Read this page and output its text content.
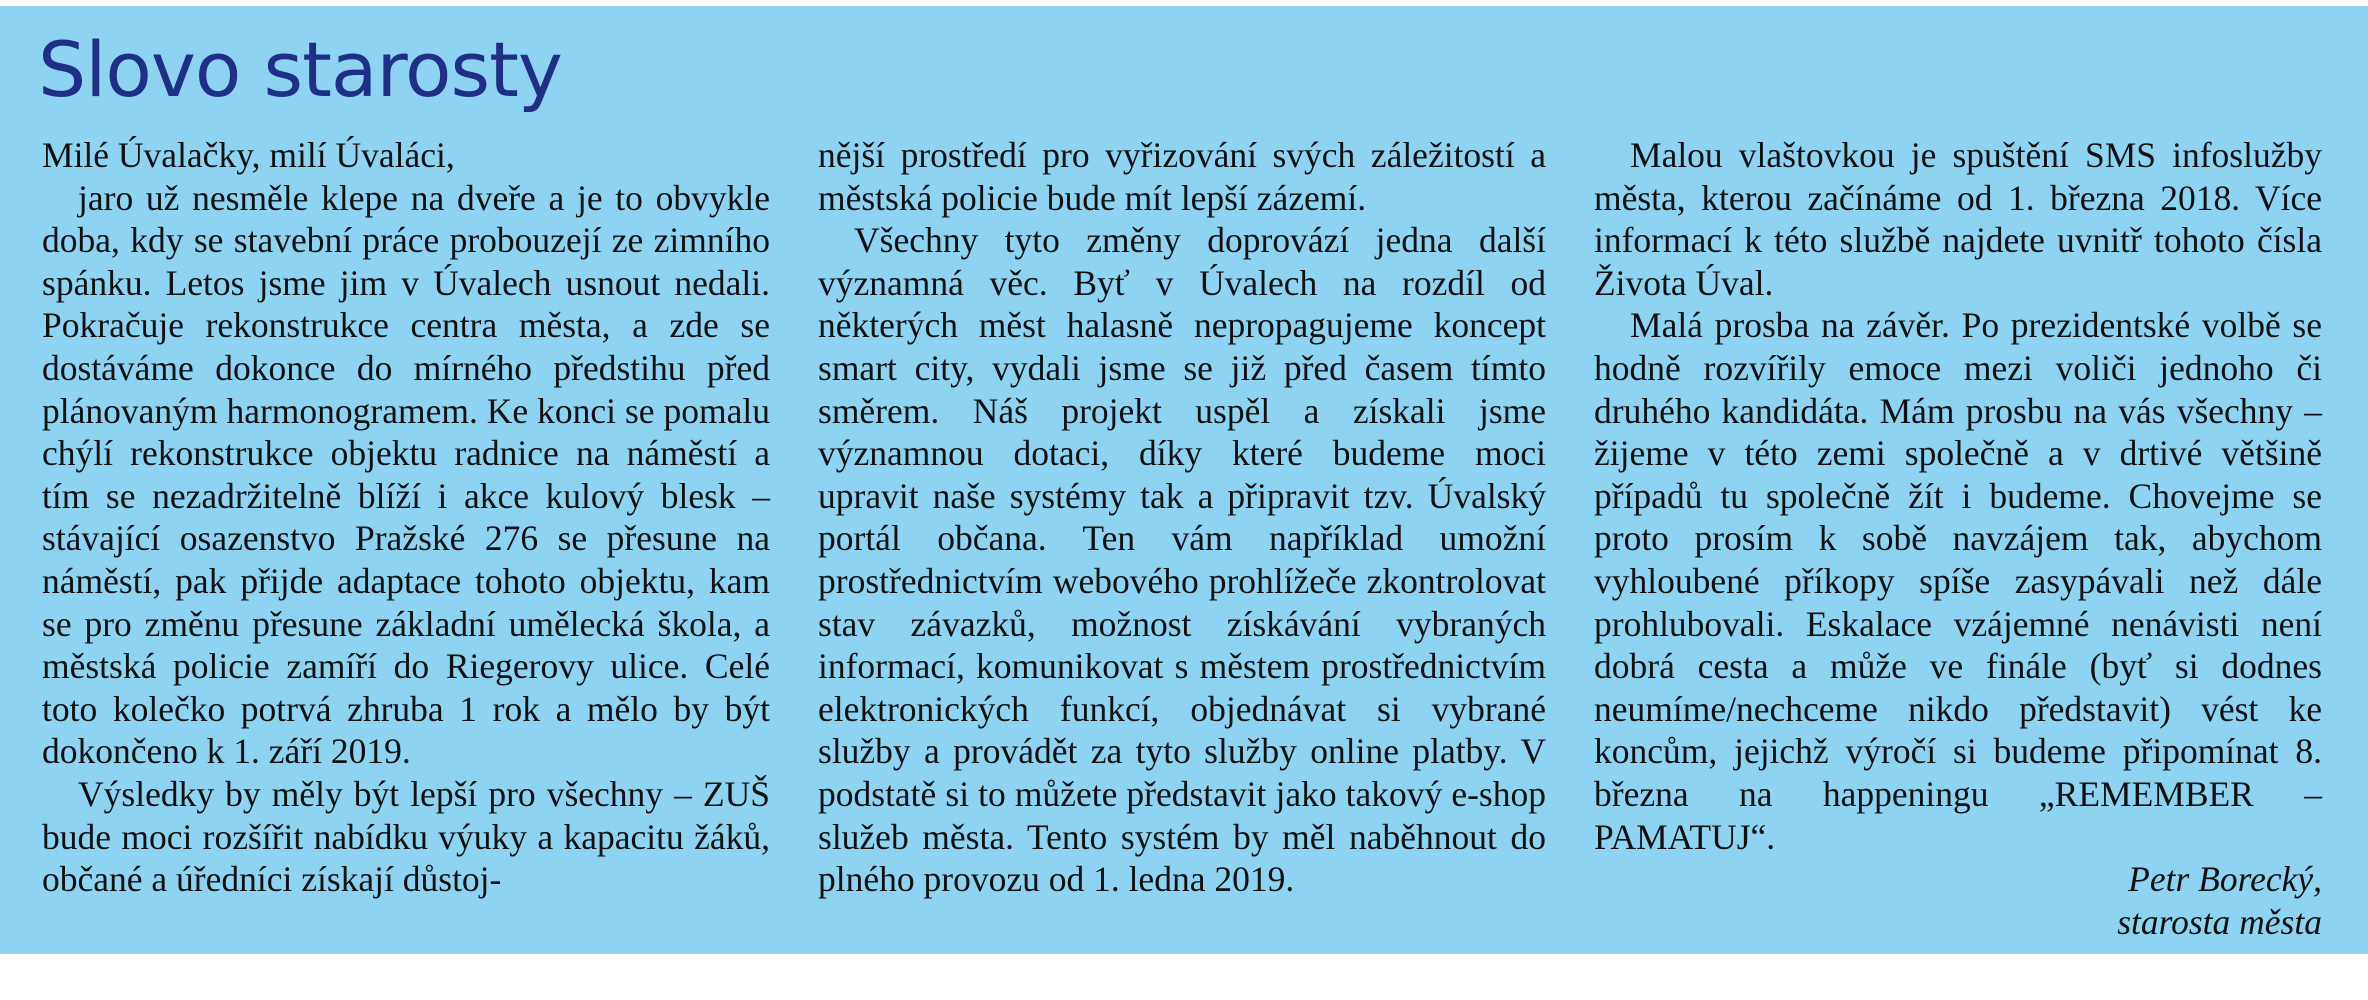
Slovo starosty

Milé Úvalačky, milí Úvaláci,

jaro už nesměle klepe na dveře a je to obvykle doba, kdy se stavební práce probouzejí ze zimního spánku. Letos jsme jim v Úvalech usnout nedali. Pokračuje rekonstrukce centra města, a zde se dostáváme dokonce do mírného předstihu před plánovaným harmonogramem. Ke konci se pomalu chýlí rekonstrukce objektu radnice na náměstí a tím se nezadržitelně blíží i akce kulový blesk – stávající osazenstvo Pražské 276 se přesune na náměstí, pak přijde adaptace tohoto objektu, kam se pro změnu přesune základní umělecká škola, a městská policie zamíří do Riegerovy ulice. Celé toto kolečko potrvá zhruba 1 rok a mělo by být dokončeno k 1. září 2019.

Výsledky by měly být lepší pro všechny – ZUŠ bude moci rozšířit nabídku výuky a kapacitu žáků, občané a úředníci získají důstoj-

nější prostředí pro vyřizování svých záležitostí a městská policie bude mít lepší zázemí.

Všechny tyto změny doprovází jedna další významná věc. Byť v Úvalech na rozdíl od některých měst halasně nepropagujeme koncept smart city, vydali jsme se již před časem tímto směrem. Náš projekt uspěl a získali jsme významnou dotaci, díky které budeme moci upravit naše systémy tak a připravit tzv. Úvalský portál občana. Ten vám například umožní prostřednictvím webového prohlížeče zkontrolovat stav závazků, možnost získávání vybraných informací, komunikovat s městem prostřednictvím elektronických funkcí, objednávat si vybrané služby a provádět za tyto služby online platby. V podstatě si to můžete představit jako takový e-shop služeb města. Tento systém by měl naběhnout do plného provozu od 1. ledna 2019.

Malou vlaštovkou je spuštění SMS infoslužby města, kterou začínáme od 1. března 2018. Více informací k této službě najdete uvnitř tohoto čísla Života Úval.

Malá prosba na závěr. Po prezidentské volbě se hodně rozvířily emoce mezi voliči jednoho či druhého kandidáta. Mám prosbu na vás všechny – žijeme v této zemi společně a v drtivé většině případů tu společně žít i budeme. Chovejme se proto prosím k sobě navzájem tak, abychom vyhloubené příkopy spíše zasypávali než dále prohlubovali. Eskalace vzájemné nenávisti není dobrá cesta a může ve finále (byť si dodnes neumíme/nechceme nikdo představit) vést ke koncům, jejichž výročí si budeme připomínat 8. března na happeningu „REMEMBER – PAMATUJ“.

Petr Borecký,

starosta města
